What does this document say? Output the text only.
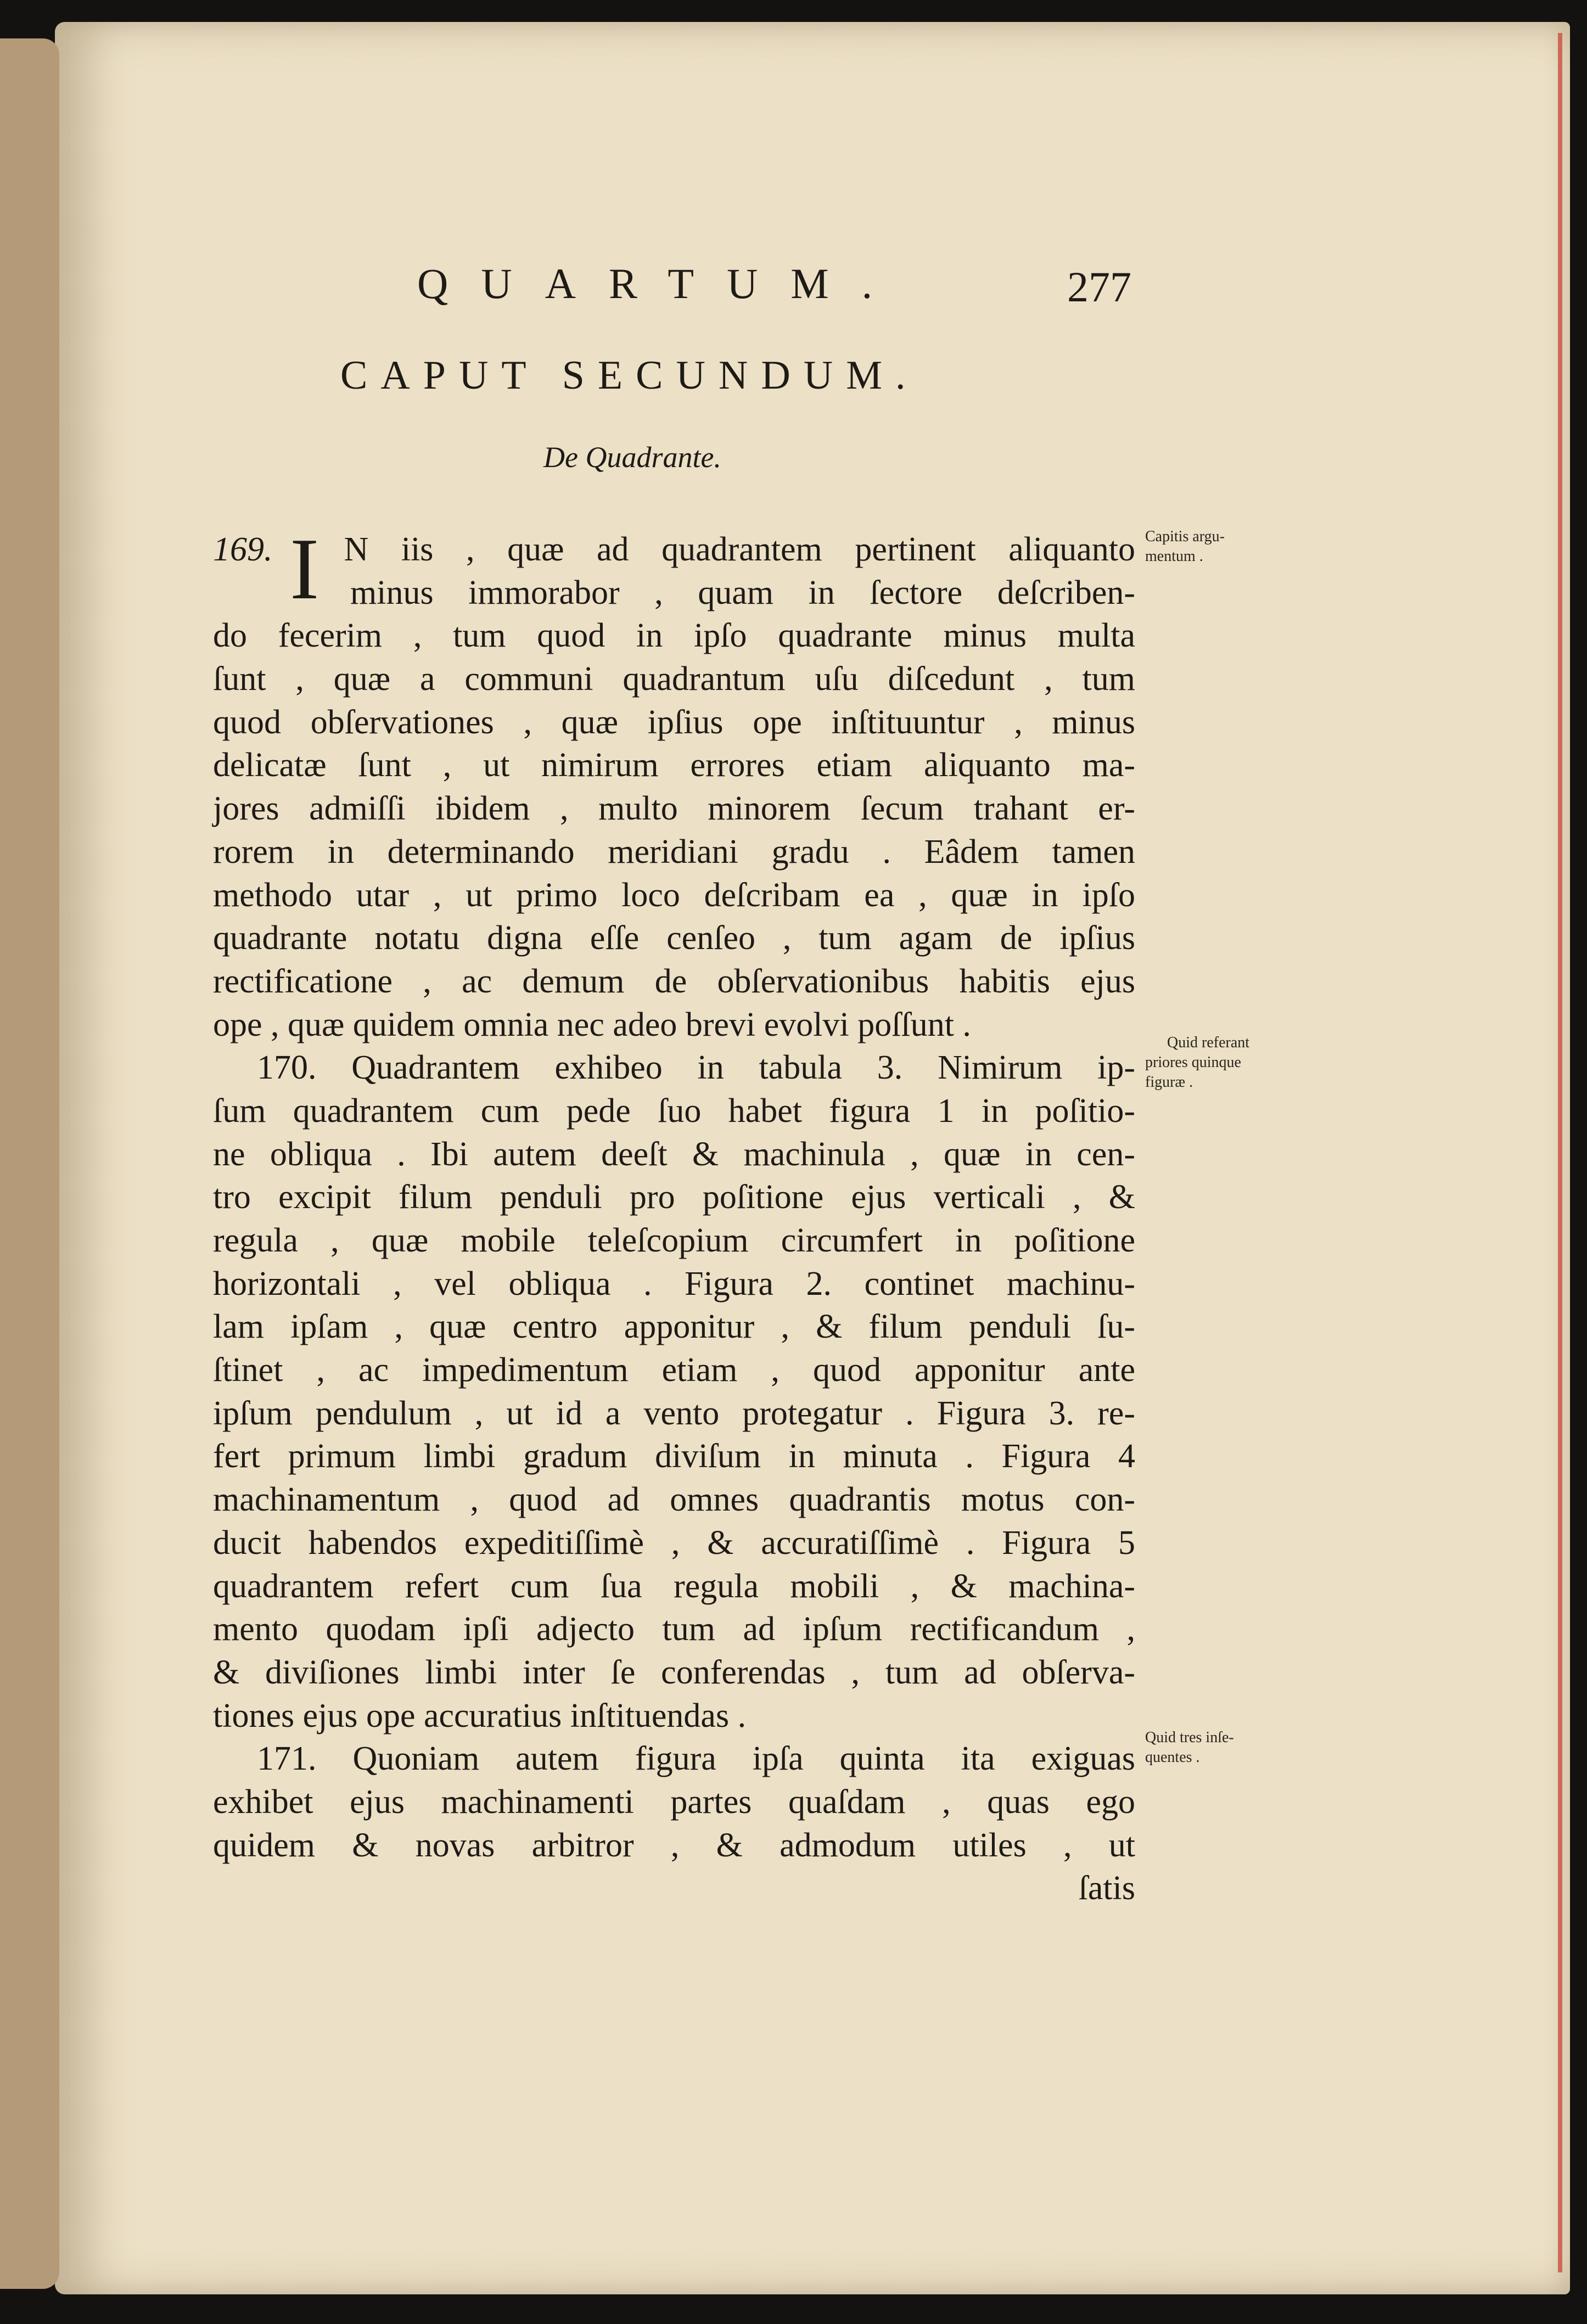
QUARTUM.	277
CAPUT SECUNDUM.
De Quadrante.
I
169. N iis , quæ ad quadrantem pertinent aliquanto
minus immorabor , quam in ſectore deſcriben-
do fecerim , tum quod in ipſo quadrante minus multa
ſunt , quæ a communi quadrantum uſu diſcedunt , tum
quod obſervationes , quæ ipſius ope inſtituuntur , minus
delicatæ ſunt , ut nimirum errores etiam aliquanto ma-
jores admiſſi ibidem , multo minorem ſecum trahant er-
rorem in determinando meridiani gradu . Eâdem tamen
methodo utar , ut primo loco deſcribam ea , quæ in ipſo
quadrante notatu digna eſſe cenſeo , tum agam de ipſius
rectificatione , ac demum de obſervationibus habitis ejus
ope , quæ quidem omnia nec adeo brevi evolvi poſſunt .
170. Quadrantem exhibeo in tabula 3. Nimirum ip-
ſum quadrantem cum pede ſuo habet figura 1 in poſitio-
ne obliqua . Ibi autem deeſt & machinula , quæ in cen-
tro excipit filum penduli pro poſitione ejus verticali , &
regula , quæ mobile teleſcopium circumfert in poſitione
horizontali , vel obliqua . Figura 2. continet machinu-
lam ipſam , quæ centro apponitur , & filum penduli ſu-
ſtinet , ac impedimentum etiam , quod apponitur ante
ipſum pendulum , ut id a vento protegatur . Figura 3. re-
fert primum limbi gradum diviſum in minuta . Figura 4
machinamentum , quod ad omnes quadrantis motus con-
ducit habendos expeditiſſimè , & accuratiſſimè . Figura 5
quadrantem refert cum ſua regula mobili , & machina-
mento quodam ipſi adjecto tum ad ipſum rectificandum ,
& diviſiones limbi inter ſe conferendas , tum ad obſerva-
tiones ejus ope accuratius inſtituendas .
171. Quoniam autem figura ipſa quinta ita exiguas
exhibet ejus machinamenti partes quaſdam , quas ego
quidem & novas arbitror , & admodum utiles , ut
ſatis
Capitis argu-
mentum .
Quid referant
priores quinque
figuræ .
Quid tres inſe-
quentes .
